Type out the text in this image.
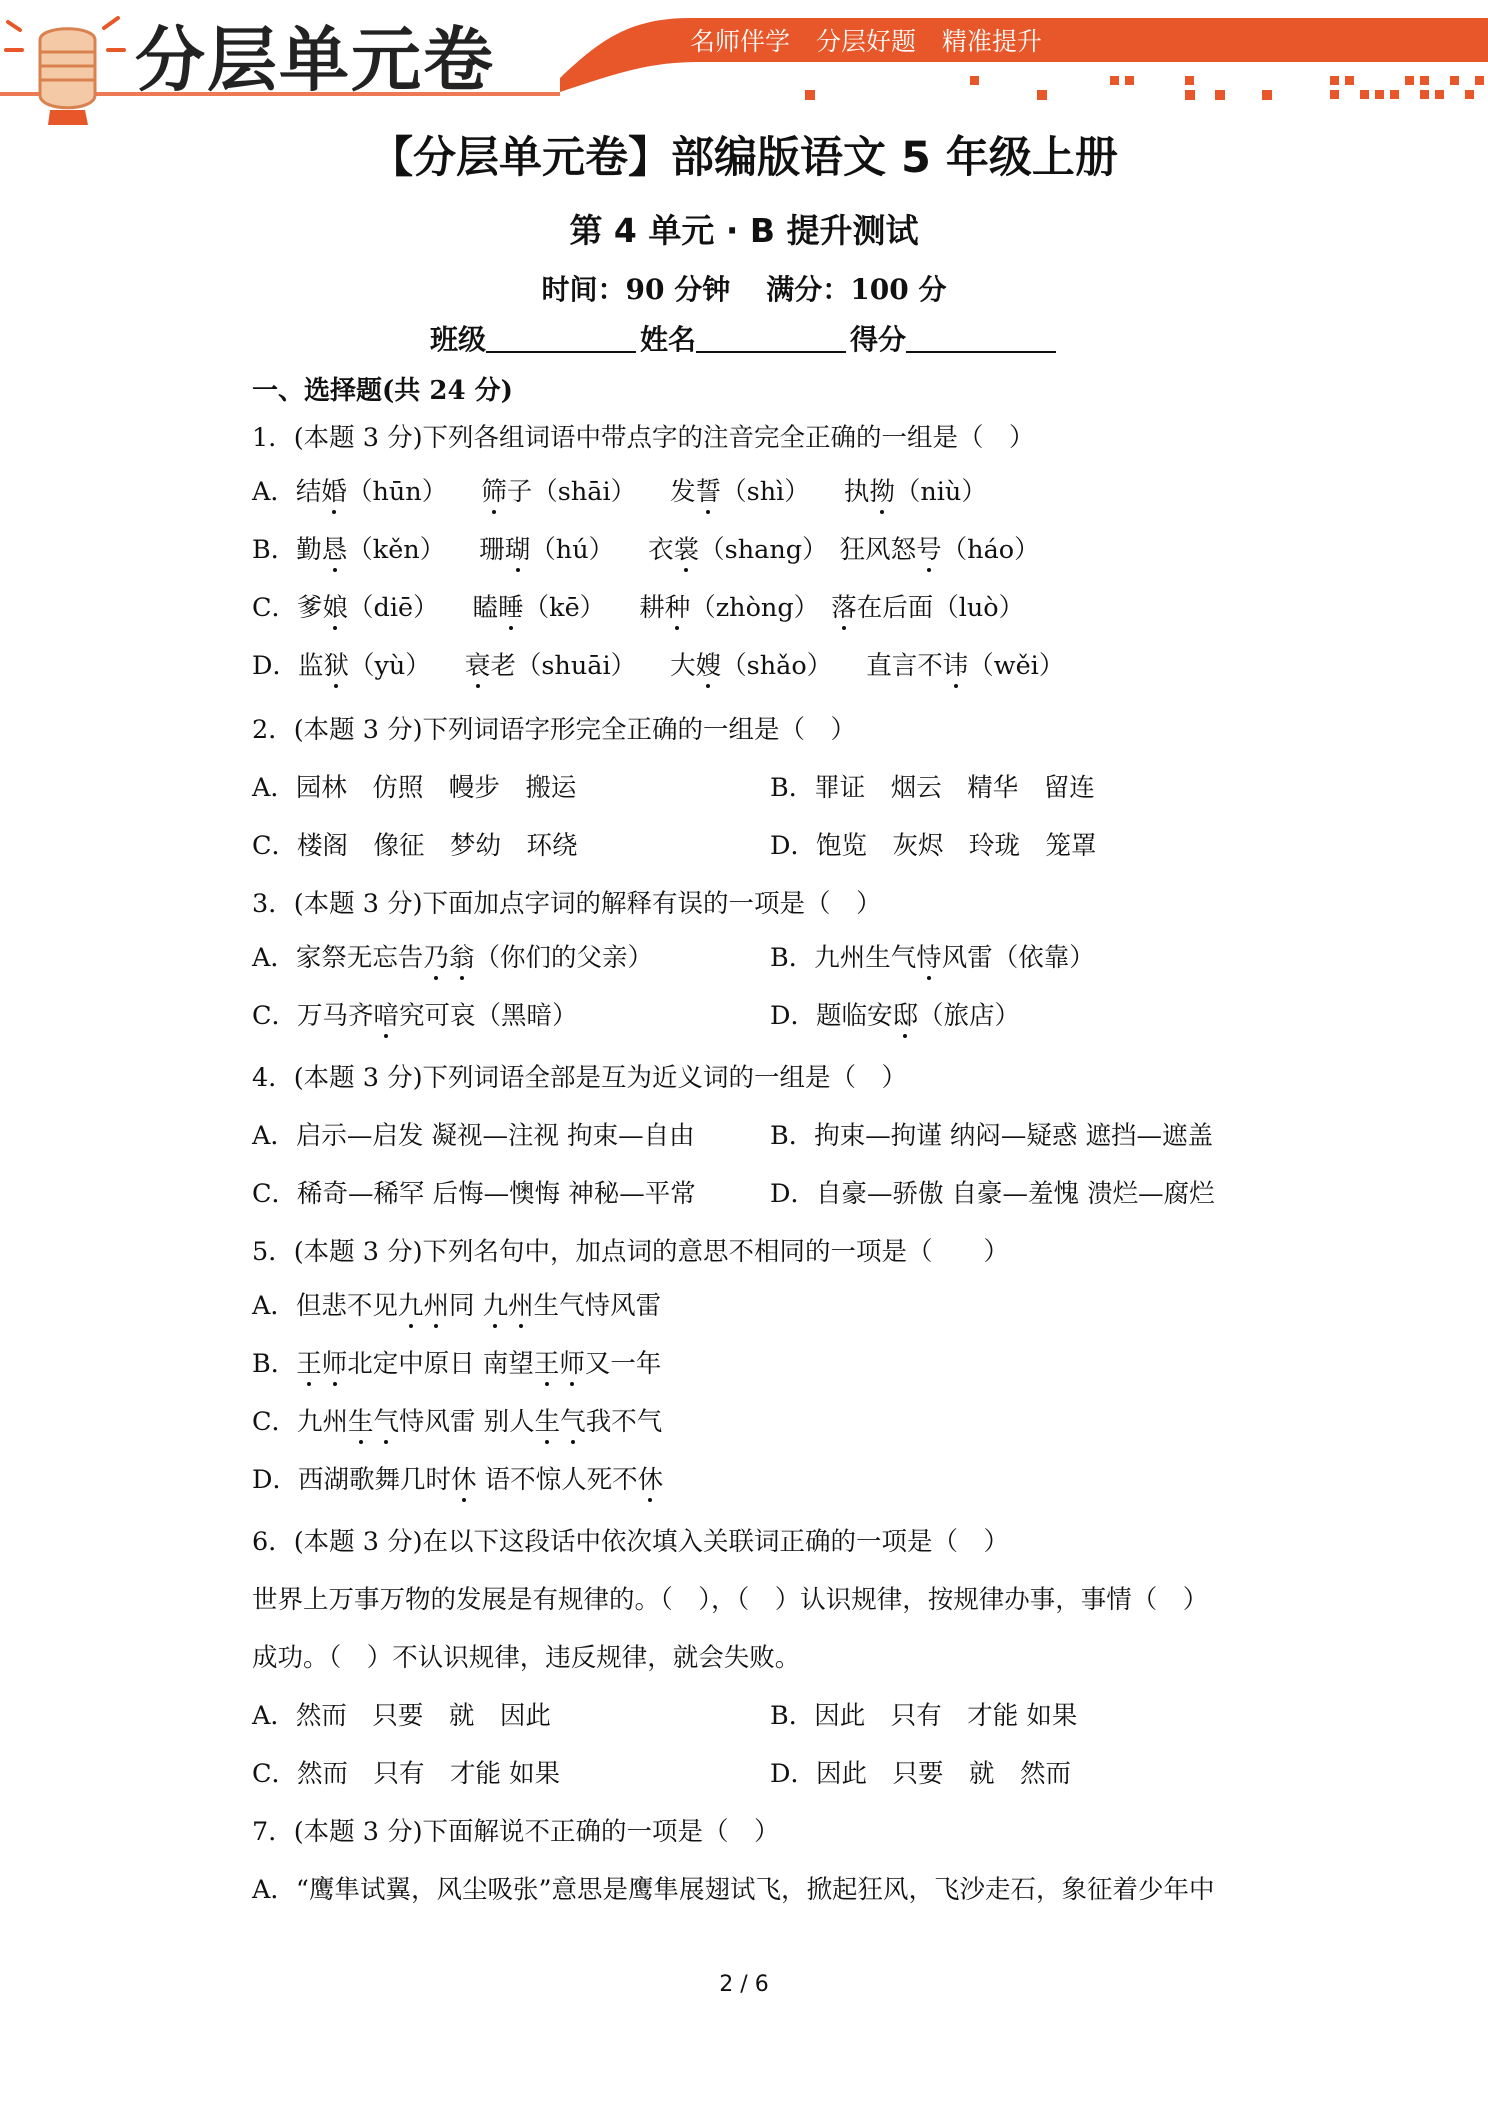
分层单元卷	名师伴学 分层好题 精准提升
【分层单元卷】部编版语文 5 年级上册
第 4 单元 · B 提升测试
时间：90 分钟 满分：100 分
班级	姓名	得分
一、选择题(共 24 分)
1．(本题 3 分)下列各组词语中带点字的注音完全正确的一组是（　）
A．结婚（hūn） 筛子（shāi） 发誓（shì） 执拗（niù）
B．勤恳（kěn） 珊瑚（hú） 衣裳（shang） 狂风怒号（háo）
C．爹娘（diē） 瞌睡（kē） 耕种（zhòng） 落在后面（luò）
D．监狱（yù） 衰老（shuāi） 大嫂（shǎo） 直言不讳（wěi）
2．(本题 3 分)下列词语字形完全正确的一组是（　）
A．园林　仿照　幔步　搬运	B．罪证　烟云　精华　留连
C．楼阁　像征　梦幼　环绕	D．饱览　灰烬　玲珑　笼罩
3．(本题 3 分)下面加点字词的解释有误的一项是（　）
A．家祭无忘告乃翁（你们的父亲）	B．九州生气恃风雷（依靠）
C．万马齐喑究可哀（黑暗）	D．题临安邸（旅店）
4．(本题 3 分)下列词语全部是互为近义词的一组是（　）
A．启示—启发 凝视—注视 拘束—自由	B．拘束—拘谨 纳闷—疑惑 遮挡—遮盖
C．稀奇—稀罕 后悔—懊悔 神秘—平常	D．自豪—骄傲 自豪—羞愧 溃烂—腐烂
5．(本题 3 分)下列名句中，加点词的意思不相同的一项是（　　）
A．但悲不见九州同 九州生气恃风雷
B．王师北定中原日 南望王师又一年
C．九州生气恃风雷 别人生气我不气
D．西湖歌舞几时休 语不惊人死不休
6．(本题 3 分)在以下这段话中依次填入关联词正确的一项是（　）
世界上万事万物的发展是有规律的。（　），（　）认识规律，按规律办事，事情（　）
成功。（　）不认识规律，违反规律，就会失败。
A．然而　只要　就　因此	B．因此　只有　才能 如果
C．然而　只有　才能 如果	D．因此　只要　就　然而
7．(本题 3 分)下面解说不正确的一项是（　）
A．“鹰隼试翼，风尘吸张”意思是鹰隼展翅试飞，掀起狂风，飞沙走石，象征着少年中
2 / 6
